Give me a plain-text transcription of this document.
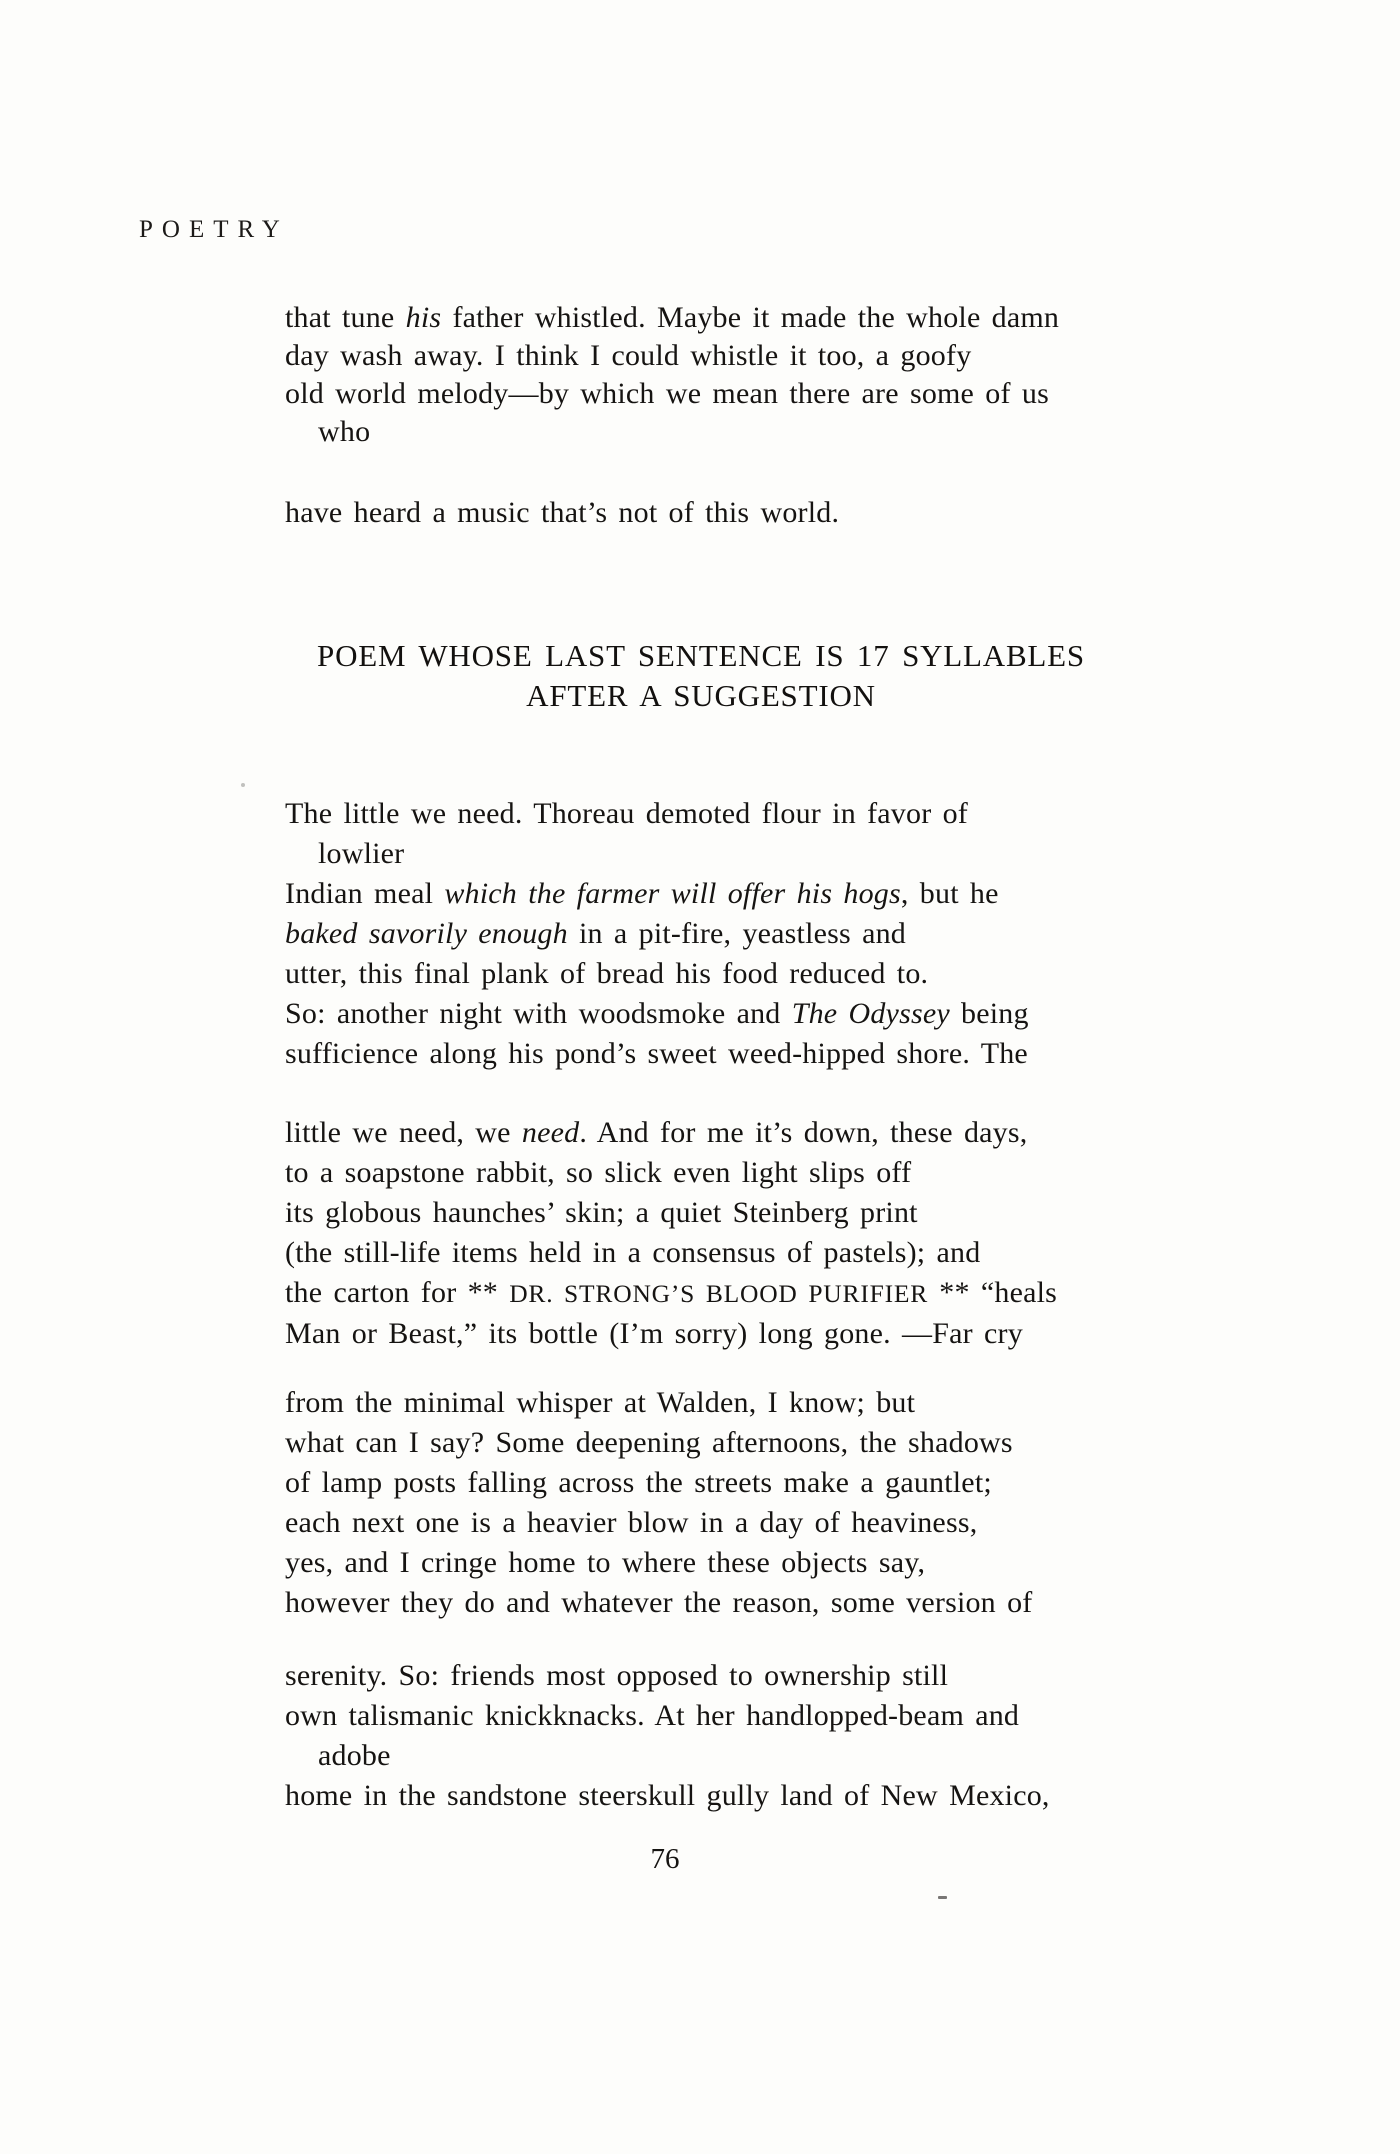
POETRY
that tune his father whistled. Maybe it made the whole damn
day wash away. I think I could whistle it too, a goofy
old world melody—by which we mean there are some of us
who
have heard a music that’s not of this world.
POEM WHOSE LAST SENTENCE IS 17 SYLLABLES
AFTER A SUGGESTION
The little we need. Thoreau demoted flour in favor of
lowlier
Indian meal which the farmer will offer his hogs, but he
baked savorily enough in a pit-fire, yeastless and
utter, this final plank of bread his food reduced to.
So: another night with woodsmoke and The Odyssey being
sufficience along his pond’s sweet weed-hipped shore. The
little we need, we need. And for me it’s down, these days,
to a soapstone rabbit, so slick even light slips off
its globous haunches’ skin; a quiet Steinberg print
(the still-life items held in a consensus of pastels); and
the carton for ** DR. STRONG’S BLOOD PURIFIER ** “heals
Man or Beast,” its bottle (I’m sorry) long gone. —Far cry
from the minimal whisper at Walden, I know; but
what can I say? Some deepening afternoons, the shadows
of lamp posts falling across the streets make a gauntlet;
each next one is a heavier blow in a day of heaviness,
yes, and I cringe home to where these objects say,
however they do and whatever the reason, some version of
serenity. So: friends most opposed to ownership still
own talismanic knickknacks. At her handlopped-beam and
adobe
home in the sandstone steerskull gully land of New Mexico,
76
